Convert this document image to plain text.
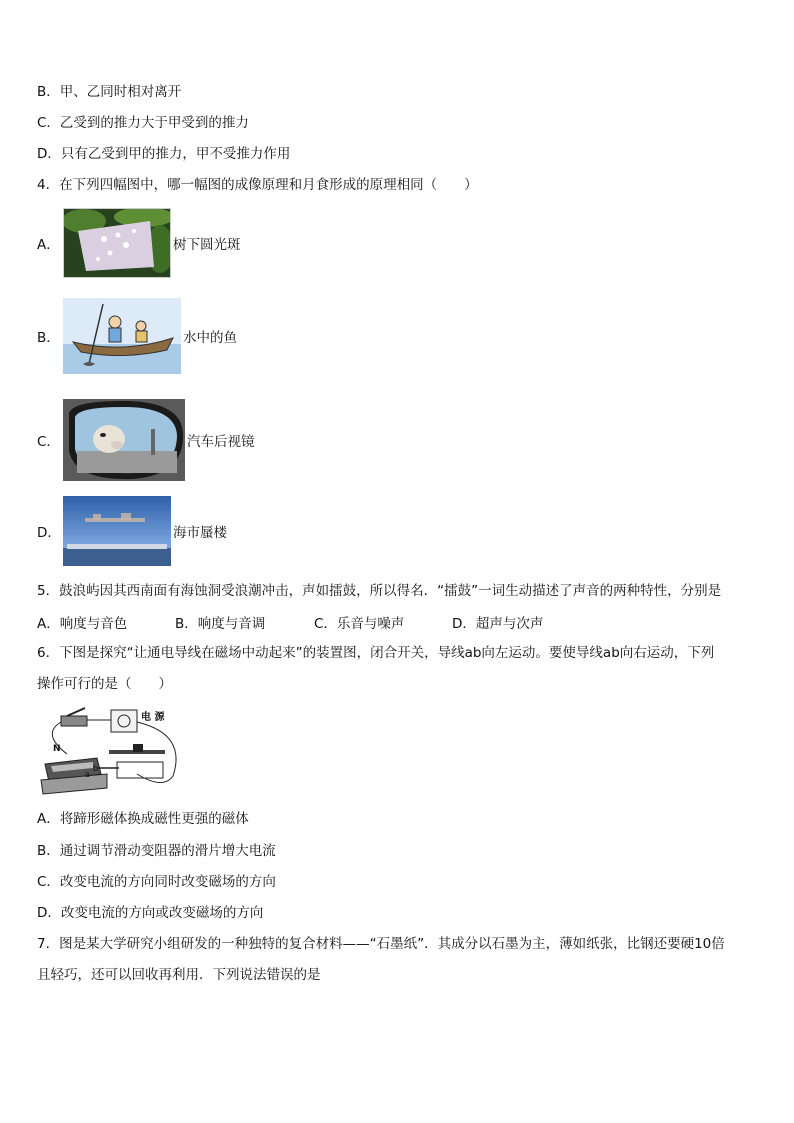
B．甲、乙同时相对离开
C．乙受到的推力大于甲受到的推力
D．只有乙受到甲的推力，甲不受推力作用
4．在下列四幅图中，哪一幅图的成像原理和月食形成的原理相同（　　）
A．	树下圆光斑
B．	水中的鱼
C．	汽车后视镜
D．	海市蜃楼
5．鼓浪屿因其西南面有海蚀洞受浪潮冲击，声如擂鼓，所以得名．“擂鼓”一词生动描述了声音的两种特性，分别是
A．响度与音色	B．响度与音调	C．乐音与噪声	D．超声与次声
6．下图是探究“让通电导线在磁场中动起来”的装置图，闭合开关，导线ab向左运动。要使导线ab向右运动，下列
操作可行的是（　　）
电 源
N
a
b
A．将蹄形磁体换成磁性更强的磁体
B．通过调节滑动变阻器的滑片增大电流
C．改变电流的方向同时改变磁场的方向
D．改变电流的方向或改变磁场的方向
7．图是某大学研究小组研发的一种独特的复合材料——“石墨纸”．其成分以石墨为主，薄如纸张，比钢还要硬10倍
且轻巧，还可以回收再利用．下列说法错误的是
